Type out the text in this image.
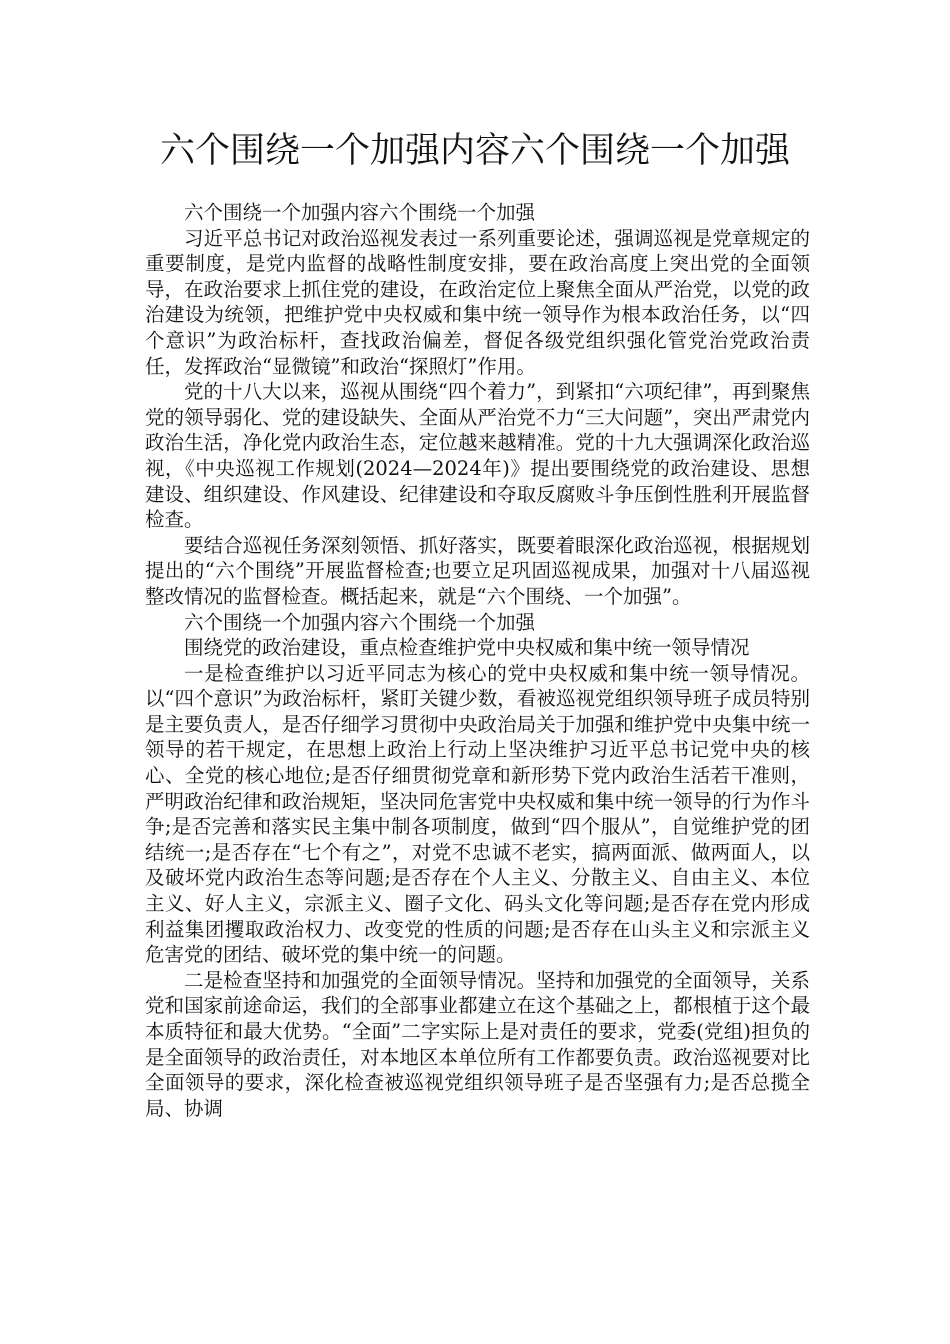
六个围绕一个加强内容六个围绕一个加强

六个围绕一个加强内容六个围绕一个加强

习近平总书记对政治巡视发表过一系列重要论述，强调巡视是党章规定的重要制度，是党内监督的战略性制度安排，要在政治高度上突出党的全面领导，在政治要求上抓住党的建设，在政治定位上聚焦全面从严治党，以党的政治建设为统领，把维护党中央权威和集中统一领导作为根本政治任务，以“四个意识”为政治标杆，查找政治偏差，督促各级党组织强化管党治党政治责任，发挥政治“显微镜”和政治“探照灯”作用。

党的十八大以来，巡视从围绕“四个着力”，到紧扣“六项纪律”，再到聚焦党的领导弱化、党的建设缺失、全面从严治党不力“三大问题”，突出严肃党内政治生活，净化党内政治生态，定位越来越精准。党的十九大强调深化政治巡视，《中央巡视工作规划(2024—2024年)》提出要围绕党的政治建设、思想建设、组织建设、作风建设、纪律建设和夺取反腐败斗争压倒性胜利开展监督检查。

要结合巡视任务深刻领悟、抓好落实，既要着眼深化政治巡视，根据规划提出的“六个围绕”开展监督检查;也要立足巩固巡视成果，加强对十八届巡视整改情况的监督检查。概括起来，就是“六个围绕、一个加强”。

六个围绕一个加强内容六个围绕一个加强

围绕党的政治建设，重点检查维护党中央权威和集中统一领导情况

一是检查维护以习近平同志为核心的党中央权威和集中统一领导情况。以“四个意识”为政治标杆，紧盯关键少数，看被巡视党组织领导班子成员特别是主要负责人，是否仔细学习贯彻中央政治局关于加强和维护党中央集中统一领导的若干规定，在思想上政治上行动上坚决维护习近平总书记党中央的核心、全党的核心地位;是否仔细贯彻党章和新形势下党内政治生活若干准则，严明政治纪律和政治规矩，坚决同危害党中央权威和集中统一领导的行为作斗争;是否完善和落实民主集中制各项制度，做到“四个服从”，自觉维护党的团结统一;是否存在“七个有之”，对党不忠诚不老实，搞两面派、做两面人，以及破坏党内政治生态等问题;是否存在个人主义、分散主义、自由主义、本位主义、好人主义，宗派主义、圈子文化、码头文化等问题;是否存在党内形成利益集团攫取政治权力、改变党的性质的问题;是否存在山头主义和宗派主义危害党的团结、破坏党的集中统一的问题。

二是检查坚持和加强党的全面领导情况。坚持和加强党的全面领导，关系党和国家前途命运，我们的全部事业都建立在这个基础之上，都根植于这个最本质特征和最大优势。“全面”二字实际上是对责任的要求，党委(党组)担负的是全面领导的政治责任，对本地区本单位所有工作都要负责。政治巡视要对比全面领导的要求，深化检查被巡视党组织领导班子是否坚强有力;是否总揽全局、协调
